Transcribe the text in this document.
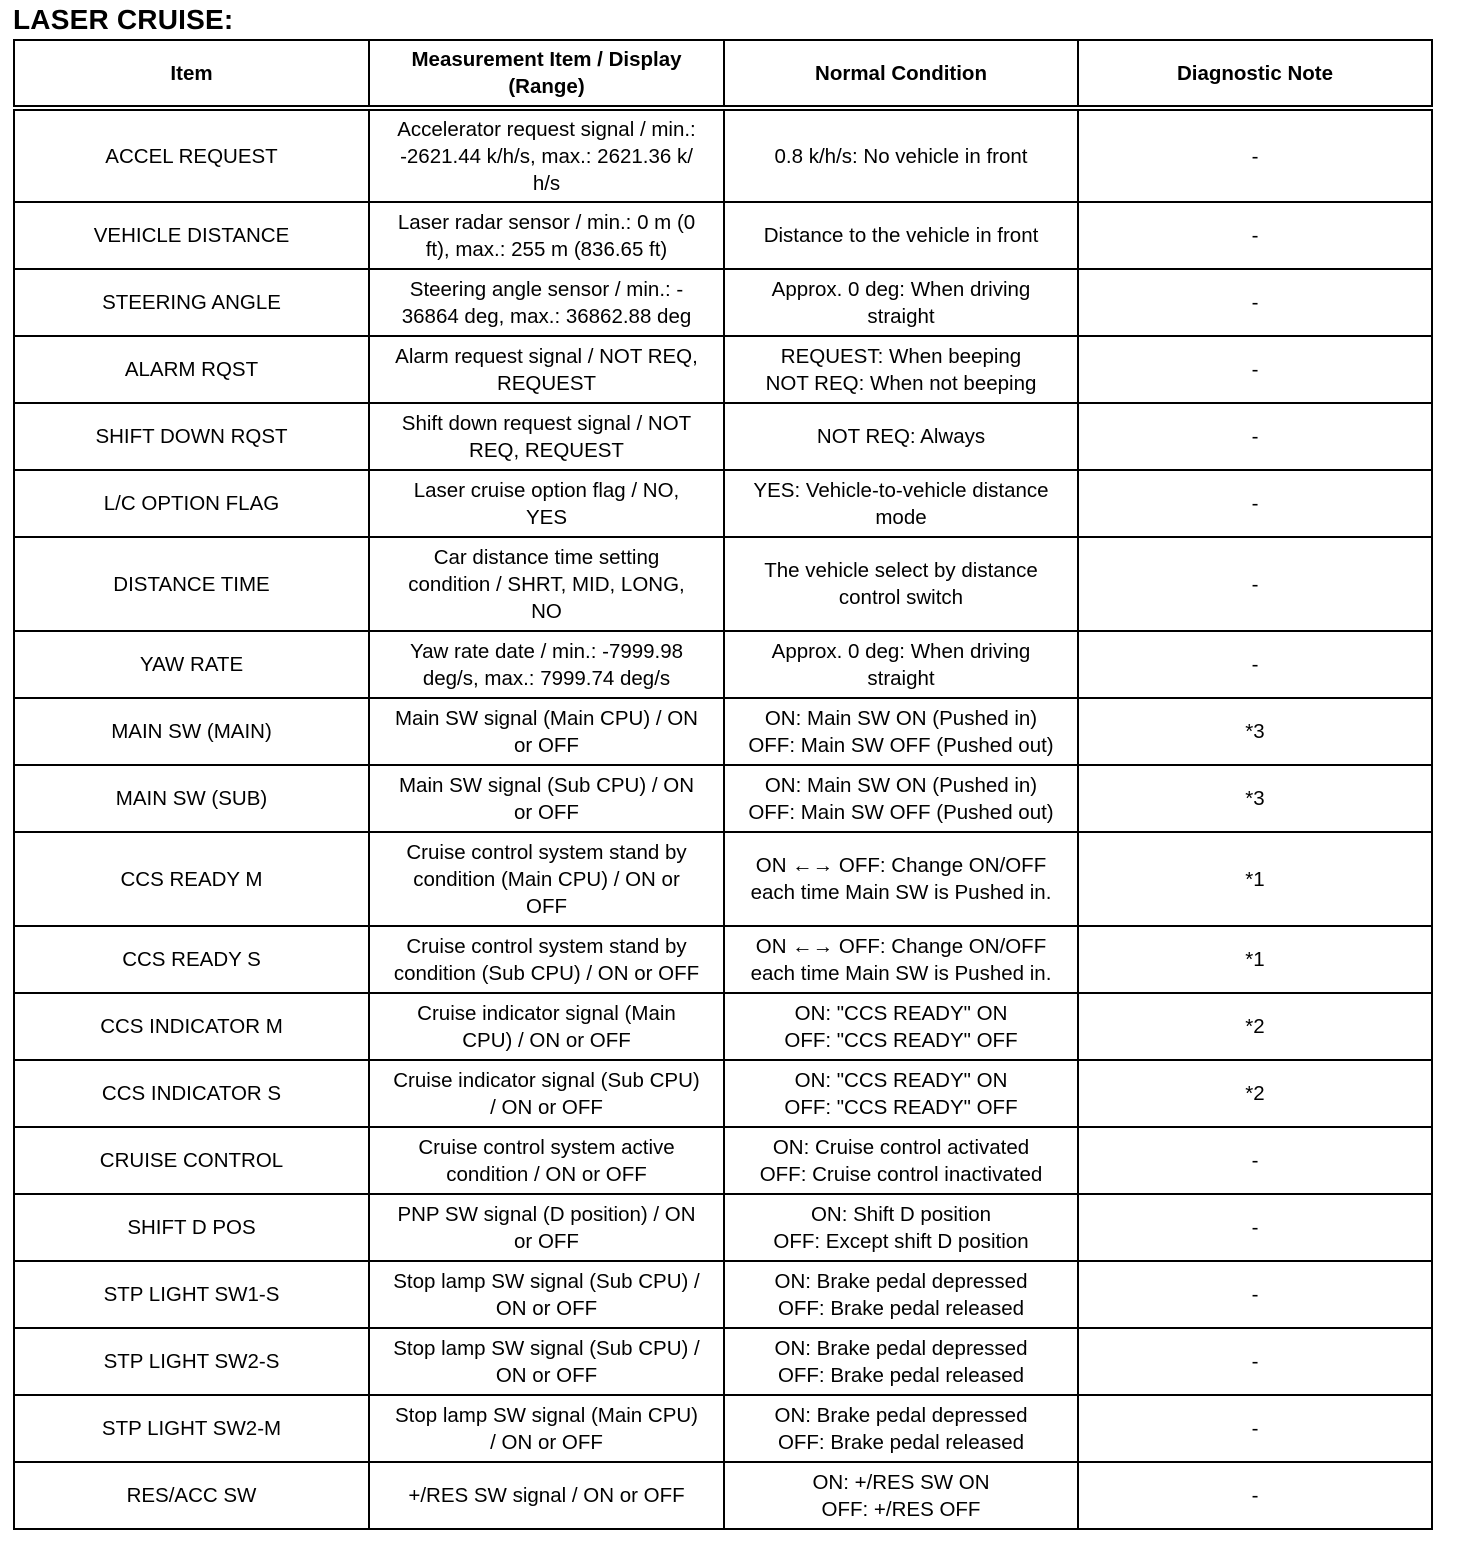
LASER CRUISE:
Item	Measurement Item / Display
(Range)	Normal Condition	Diagnostic Note
ACCEL REQUEST	Accelerator request signal / min.:
-2621.44 k/h/s, max.: 2621.36 k/
h/s	0.8 k/h/s: No vehicle in front	-
VEHICLE DISTANCE	Laser radar sensor / min.: 0 m (0
ft), max.: 255 m (836.65 ft)	Distance to the vehicle in front	-
STEERING ANGLE	Steering angle sensor / min.: -
36864 deg, max.: 36862.88 deg	Approx. 0 deg: When driving
straight	-
ALARM RQST	Alarm request signal / NOT REQ,
REQUEST	REQUEST: When beeping
NOT REQ: When not beeping	-
SHIFT DOWN RQST	Shift down request signal / NOT
REQ, REQUEST	NOT REQ: Always	-
L/C OPTION FLAG	Laser cruise option flag / NO,
YES	YES: Vehicle-to-vehicle distance
mode	-
DISTANCE TIME	Car distance time setting
condition / SHRT, MID, LONG,
NO	The vehicle select by distance
control switch	-
YAW RATE	Yaw rate date / min.: -7999.98
deg/s, max.: 7999.74 deg/s	Approx. 0 deg: When driving
straight	-
MAIN SW (MAIN)	Main SW signal (Main CPU) / ON
or OFF	ON: Main SW ON (Pushed in)
OFF: Main SW OFF (Pushed out)	*3
MAIN SW (SUB)	Main SW signal (Sub CPU) / ON
or OFF	ON: Main SW ON (Pushed in)
OFF: Main SW OFF (Pushed out)	*3
CCS READY M	Cruise control system stand by
condition (Main CPU) / ON or
OFF	ON ←→ OFF: Change ON/OFF
each time Main SW is Pushed in.	*1
CCS READY S	Cruise control system stand by
condition (Sub CPU) / ON or OFF	ON ←→ OFF: Change ON/OFF
each time Main SW is Pushed in.	*1
CCS INDICATOR M	Cruise indicator signal (Main
CPU) / ON or OFF	ON: "CCS READY" ON
OFF: "CCS READY" OFF	*2
CCS INDICATOR S	Cruise indicator signal (Sub CPU)
/ ON or OFF	ON: "CCS READY" ON
OFF: "CCS READY" OFF	*2
CRUISE CONTROL	Cruise control system active
condition / ON or OFF	ON: Cruise control activated
OFF: Cruise control inactivated	-
SHIFT D POS	PNP SW signal (D position) / ON
or OFF	ON: Shift D position
OFF: Except shift D position	-
STP LIGHT SW1-S	Stop lamp SW signal (Sub CPU) /
ON or OFF	ON: Brake pedal depressed
OFF: Brake pedal released	-
STP LIGHT SW2-S	Stop lamp SW signal (Sub CPU) /
ON or OFF	ON: Brake pedal depressed
OFF: Brake pedal released	-
STP LIGHT SW2-M	Stop lamp SW signal (Main CPU)
/ ON or OFF	ON: Brake pedal depressed
OFF: Brake pedal released	-
RES/ACC SW	+/RES SW signal / ON or OFF	ON: +/RES SW ON
OFF: +/RES OFF	-
